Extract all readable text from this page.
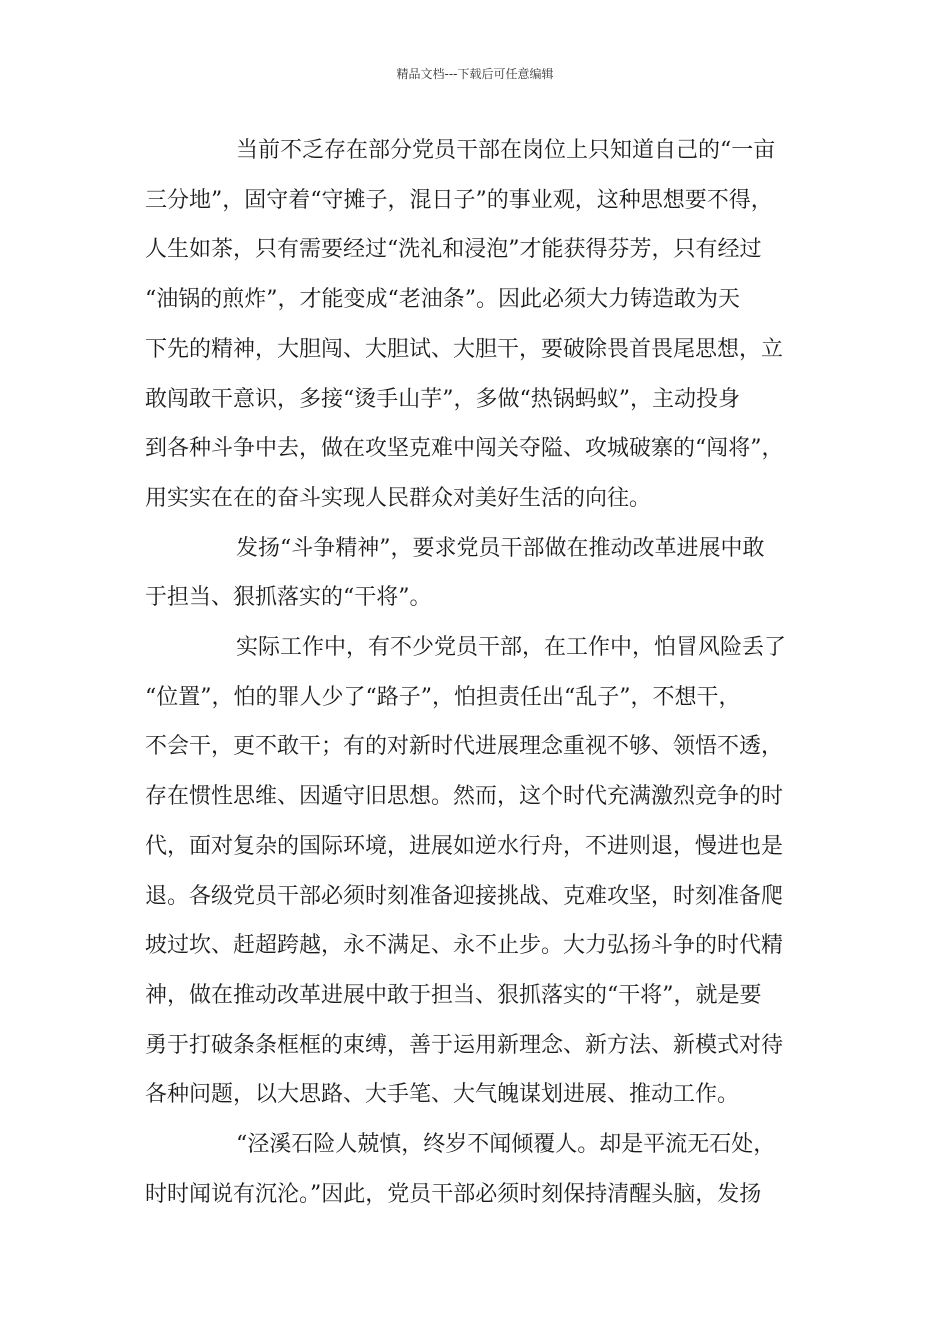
精品文档---下载后可任意编辑
当前不乏存在部分党员干部在岗位上只知道自己的“一亩
三分地”，固守着“守摊子，混日子”的事业观，这种思想要不得，
人生如茶，只有需要经过“洗礼和浸泡”才能获得芬芳，只有经过
“油锅的煎炸”，才能变成“老油条”。因此必须大力铸造敢为天
下先的精神，大胆闯、大胆试、大胆干，要破除畏首畏尾思想，立
敢闯敢干意识，多接“烫手山芋”，多做“热锅蚂蚁”，主动投身
到各种斗争中去，做在攻坚克难中闯关夺隘、攻城破寨的“闯将”，
用实实在在的奋斗实现人民群众对美好生活的向往。
发扬“斗争精神”，要求党员干部做在推动改革进展中敢
于担当、狠抓落实的“干将”。
实际工作中，有不少党员干部，在工作中，怕冒风险丢了
“位置”，怕的罪人少了“路子”，怕担责任出“乱子”，不想干，
不会干，更不敢干；有的对新时代进展理念重视不够、领悟不透，
存在惯性思维、因遁守旧思想。然而，这个时代充满激烈竞争的时
代，面对复杂的国际环境，进展如逆水行舟，不进则退，慢进也是
退。各级党员干部必须时刻准备迎接挑战、克难攻坚，时刻准备爬
坡过坎、赶超跨越，永不满足、永不止步。大力弘扬斗争的时代精
神，做在推动改革进展中敢于担当、狠抓落实的“干将”，就是要
勇于打破条条框框的束缚，善于运用新理念、新方法、新模式对待
各种问题，以大思路、大手笔、大气魄谋划进展、推动工作。
“泾溪石险人兢慎，终岁不闻倾覆人。却是平流无石处，
时时闻说有沉沦。”因此，党员干部必须时刻保持清醒头脑，发扬
